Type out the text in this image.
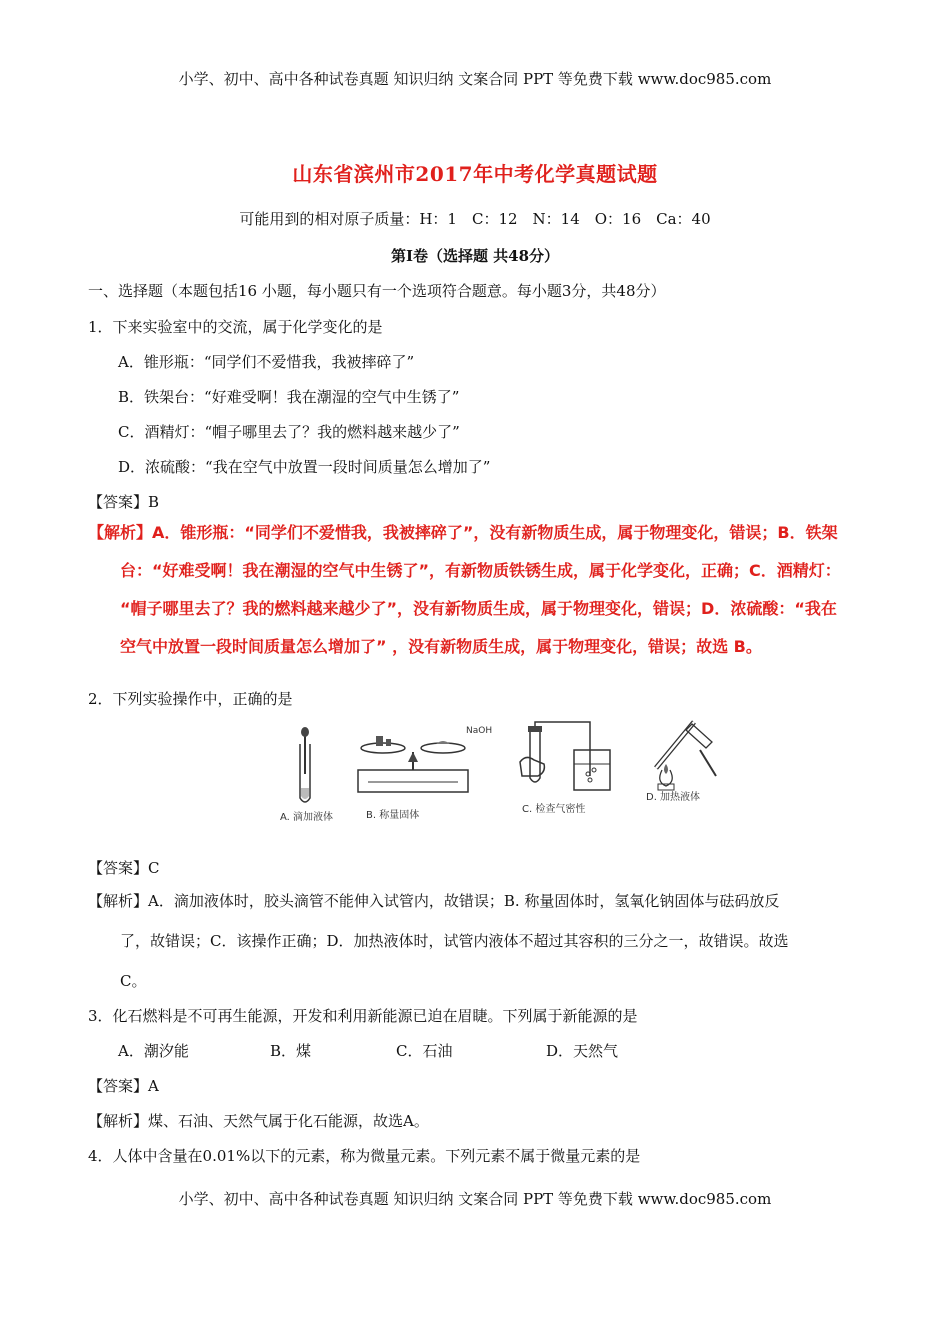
小学、初中、高中各种试卷真题 知识归纳 文案合同 PPT 等免费下载 www.doc985.com
山东省滨州市2017年中考化学真题试题
可能用到的相对原子质量：H：1　C：12　N：14　O：16　Ca：40
第Ⅰ卷（选择题 共48分）
一、选择题（本题包括16 小题，每小题只有一个选项符合题意。每小题3分，共48分）
1．下来实验室中的交流，属于化学变化的是
A．锥形瓶：“同学们不爱惜我，我被摔碎了”
B．铁架台：“好难受啊！我在潮湿的空气中生锈了”
C．酒精灯：“帽子哪里去了？我的燃料越来越少了”
D．浓硫酸：“我在空气中放置一段时间质量怎么增加了”
【答案】B
【解析】A．锥形瓶：“同学们不爱惜我，我被摔碎了”，没有新物质生成，属于物理变化，错误；B．铁架
台：“好难受啊！我在潮湿的空气中生锈了”，有新物质铁锈生成，属于化学变化，正确；C．酒精灯：
“帽子哪里去了？我的燃料越来越少了”，没有新物质生成，属于物理变化，错误；D．浓硫酸：“我在
空气中放置一段时间质量怎么增加了” ，没有新物质生成，属于物理变化，错误；故选 B。
2．下列实验操作中，正确的是
A. 滴加液体
NaOH
B. 称量固体
C. 检查气密性
D. 加热液体
【答案】C
【解析】A．滴加液体时，胶头滴管不能伸入试管内，故错误；B. 称量固体时，氢氧化钠固体与砝码放反
了，故错误；C．该操作正确；D．加热液体时，试管内液体不超过其容积的三分之一，故错误。故选
C。
3．化石燃料是不可再生能源，开发和利用新能源已迫在眉睫。下列属于新能源的是
A．潮汐能	B．煤	C．石油	D．天然气
【答案】A
【解析】煤、石油、天然气属于化石能源，故选A。
4．人体中含量在0.01%以下的元素，称为微量元素。下列元素不属于微量元素的是
小学、初中、高中各种试卷真题 知识归纳 文案合同 PPT 等免费下载 www.doc985.com
